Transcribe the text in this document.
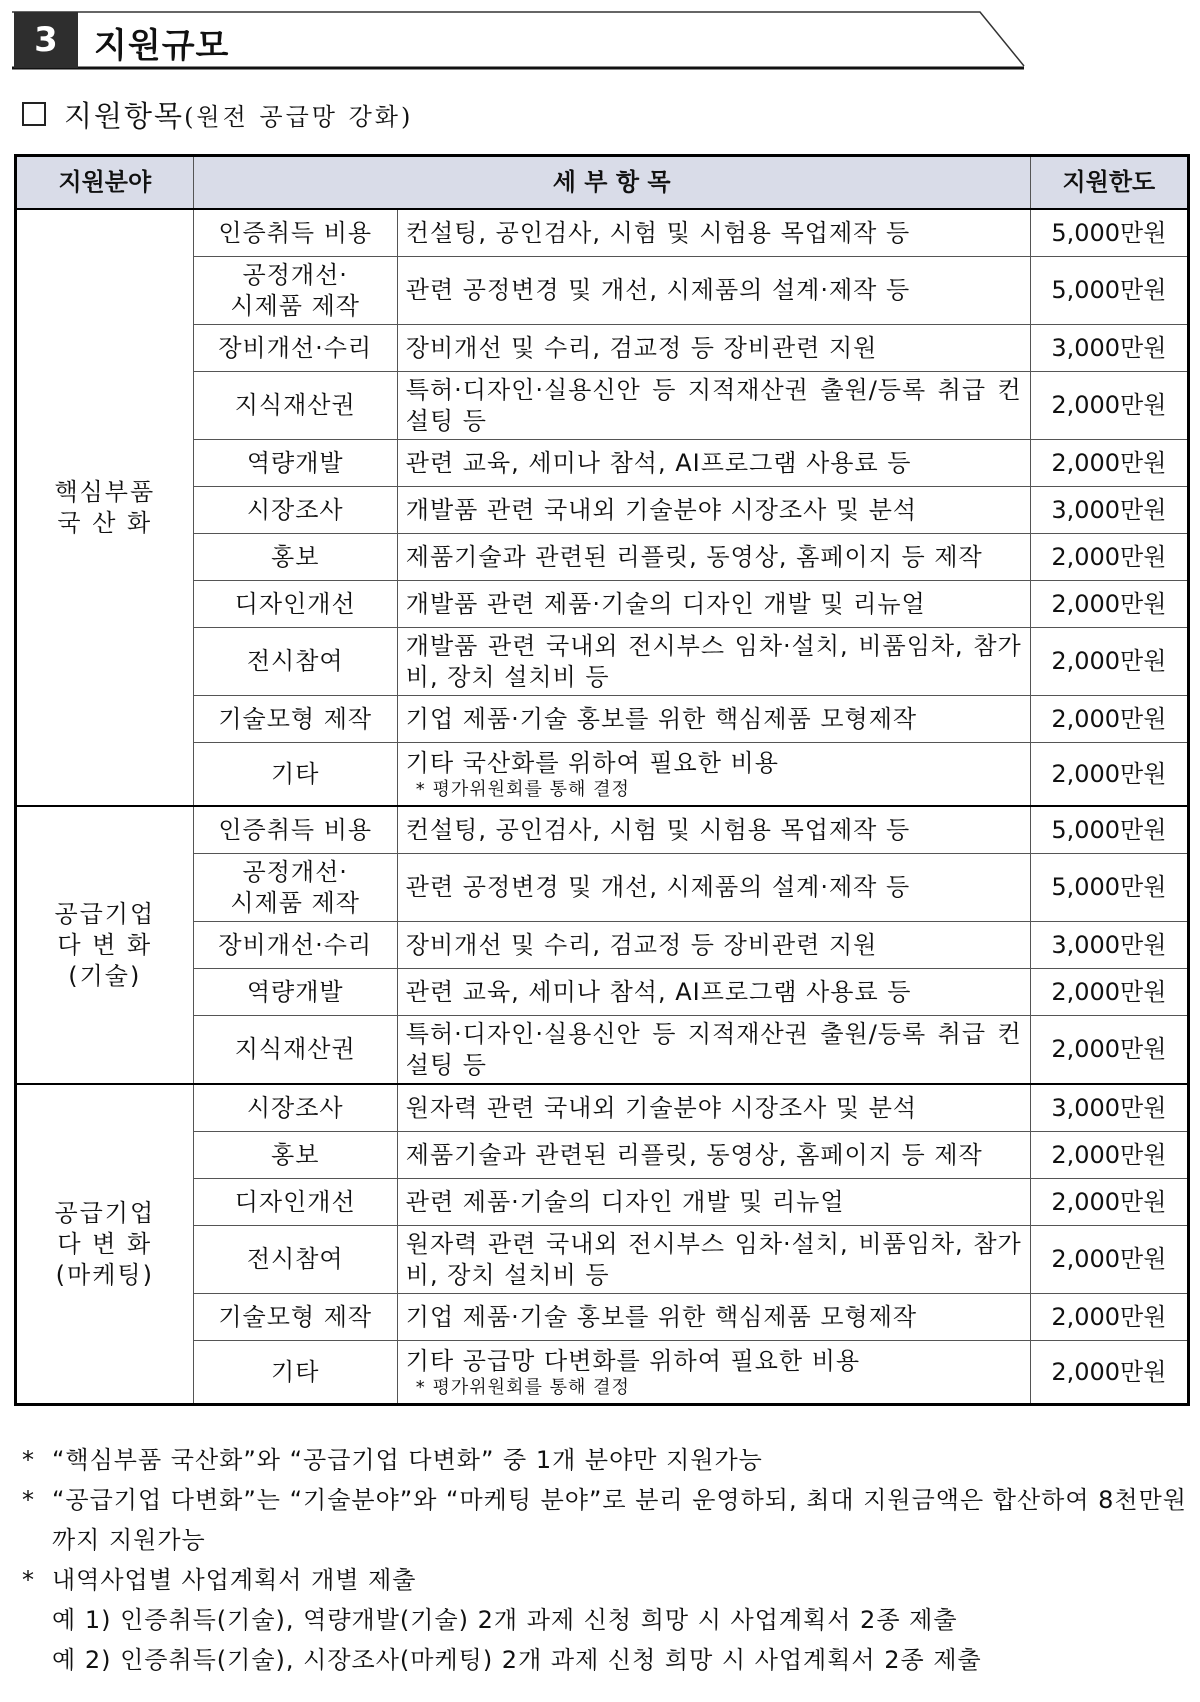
3	지원규모
지원항목 (원전 공급망 강화)
지원분야	세 부 항 목		지원한도

핵심부품
국 산 화	인증취득 비용	컨설팅, 공인검사, 시험 및 시험용 목업제작 등	5,000만원
	공정개선·
시제품 제작	관련 공정변경 및 개선, 시제품의 설계·제작 등	5,000만원
	장비개선·수리	장비개선 및 수리, 검교정 등 장비관련 지원	3,000만원
	지식재산권	특허·디자인·실용신안 등 지적재산권 출원/등록 취급 컨설팅 등	2,000만원
	역량개발	관련 교육, 세미나 참석, AI프로그램 사용료 등	2,000만원
	시장조사	개발품 관련 국내외 기술분야 시장조사 및 분석	3,000만원
	홍보	제품기술과 관련된 리플릿, 동영상, 홈페이지 등 제작	2,000만원
	디자인개선	개발품 관련 제품·기술의 디자인 개발 및 리뉴얼	2,000만원
	전시참여	개발품 관련 국내외 전시부스 임차·설치, 비품임차, 참가비, 장치 설치비 등	2,000만원
	기술모형 제작	기업 제품·기술 홍보를 위한 핵심제품 모형제작	2,000만원
	기타	기타 국산화를 위하여 필요한 비용
* 평가위원회를 통해 결정	2,000만원

공급기업
다 변 화
(기술)	인증취득 비용	컨설팅, 공인검사, 시험 및 시험용 목업제작 등	5,000만원
	공정개선·
시제품 제작	관련 공정변경 및 개선, 시제품의 설계·제작 등	5,000만원
	장비개선·수리	장비개선 및 수리, 검교정 등 장비관련 지원	3,000만원
	역량개발	관련 교육, 세미나 참석, AI프로그램 사용료 등	2,000만원
	지식재산권	특허·디자인·실용신안 등 지적재산권 출원/등록 취급 컨설팅 등	2,000만원

공급기업
다 변 화
(마케팅)	시장조사	원자력 관련 국내외 기술분야 시장조사 및 분석	3,000만원
	홍보	제품기술과 관련된 리플릿, 동영상, 홈페이지 등 제작	2,000만원
	디자인개선	관련 제품·기술의 디자인 개발 및 리뉴얼	2,000만원
	전시참여	원자력 관련 국내외 전시부스 임차·설치, 비품임차, 참가비, 장치 설치비 등	2,000만원
	기술모형 제작	기업 제품·기술 홍보를 위한 핵심제품 모형제작	2,000만원
	기타	기타 공급망 다변화를 위하여 필요한 비용
* 평가위원회를 통해 결정	2,000만원
* “핵심부품 국산화”와 “공급기업 다변화” 중 1개 분야만 지원가능
* “공급기업 다변화”는 “기술분야”와 “마케팅 분야”로 분리 운영하되, 최대 지원금액은 합산하여 8천만원까지 지원가능
* 내역사업별 사업계획서 개별 제출
예 1) 인증취득(기술), 역량개발(기술) 2개 과제 신청 희망 시 사업계획서 2종 제출
예 2) 인증취득(기술), 시장조사(마케팅) 2개 과제 신청 희망 시 사업계획서 2종 제출
